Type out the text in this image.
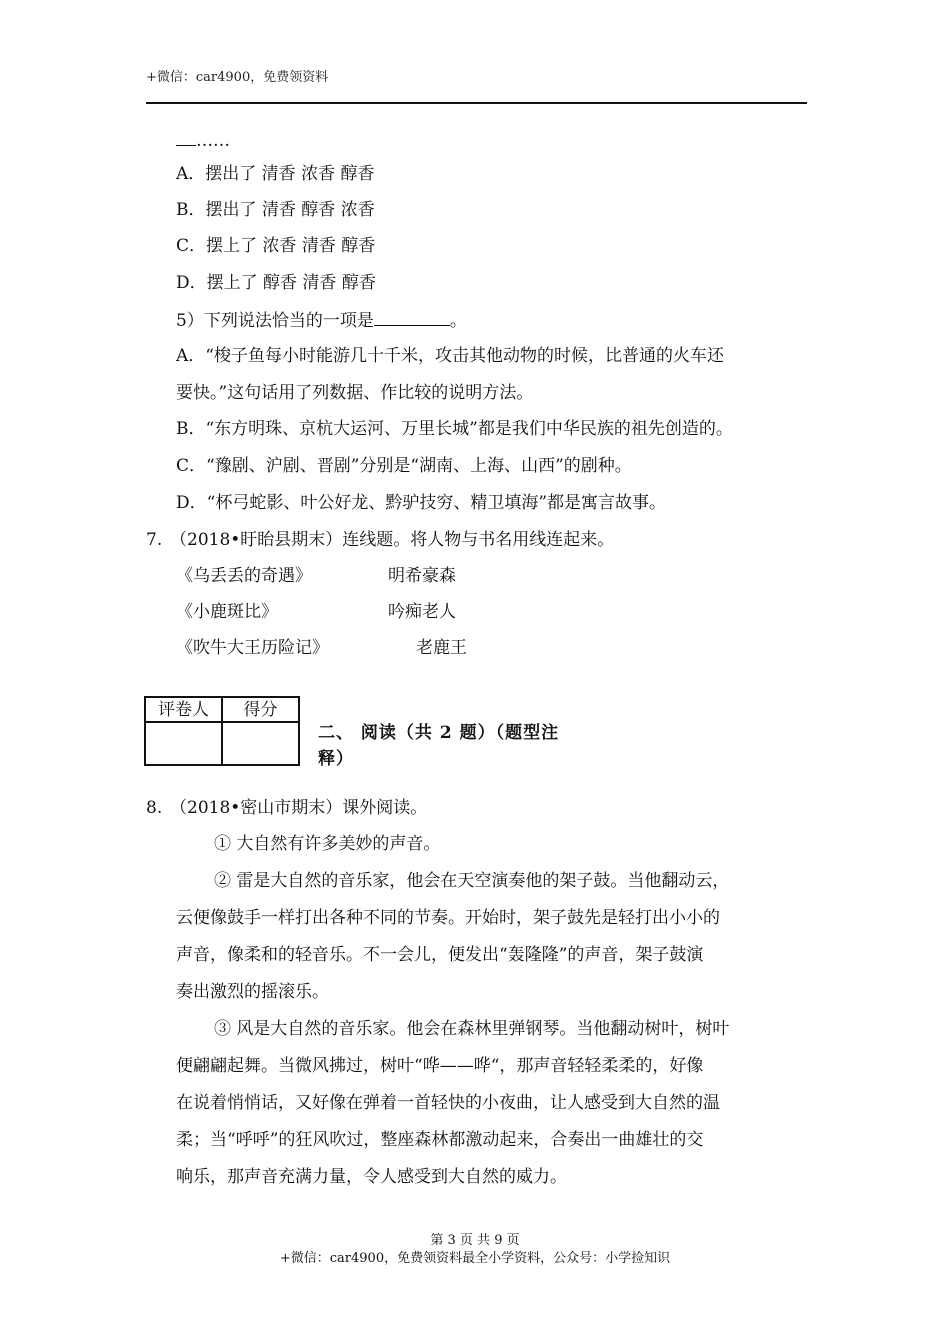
+微信：car4900，免费领资料
……
A．摆出了 清香 浓香 醇香
B．摆出了 清香 醇香 浓香
C．摆上了 浓香 清香 醇香
D．摆上了 醇香 清香 醇香
5）下列说法恰当的一项是	。
A．“梭子鱼每小时能游几十千米，攻击其他动物的时候，比普通的火车还
要快。”这句话用了列数据、作比较的说明方法。
B．“东方明珠、京杭大运河、万里长城”都是我们中华民族的祖先创造的。
C．“豫剧、沪剧、晋剧”分别是“湖南、上海、山西”的剧种。
D．“杯弓蛇影、叶公好龙、黔驴技穷、精卫填海”都是寓言故事。
7. （2018•盱眙县期末）连线题。将人物与书名用线连起来。
《乌丢丢的奇遇》	明希豪森
《小鹿斑比》	吟痴老人
《吹牛大王历险记》	老鹿王
评卷人	得分
二、 阅读（共 2 题）（题型注
释）
8. （2018•密山市期末）课外阅读。
① 大自然有许多美妙的声音。
② 雷是大自然的音乐家，他会在天空演奏他的架子鼓。当他翻动云，
云便像鼓手一样打出各种不同的节奏。开始时，架子鼓先是轻打出小小的
声音，像柔和的轻音乐。不一会儿，便发出“轰隆隆”的声音，架子鼓演
奏出激烈的摇滚乐。
③ 风是大自然的音乐家。他会在森林里弹钢琴。当他翻动树叶，树叶
便翩翩起舞。当微风拂过，树叶“哗——哗“，那声音轻轻柔柔的，好像
在说着悄悄话，又好像在弹着一首轻快的小夜曲，让人感受到大自然的温
柔；当“呼呼”的狂风吹过，整座森林都激动起来，合奏出一曲雄壮的交
响乐，那声音充满力量，令人感受到大自然的威力。
第 3 页 共 9 页
+微信：car4900，免费领资料最全小学资料，公众号：小学捡知识
